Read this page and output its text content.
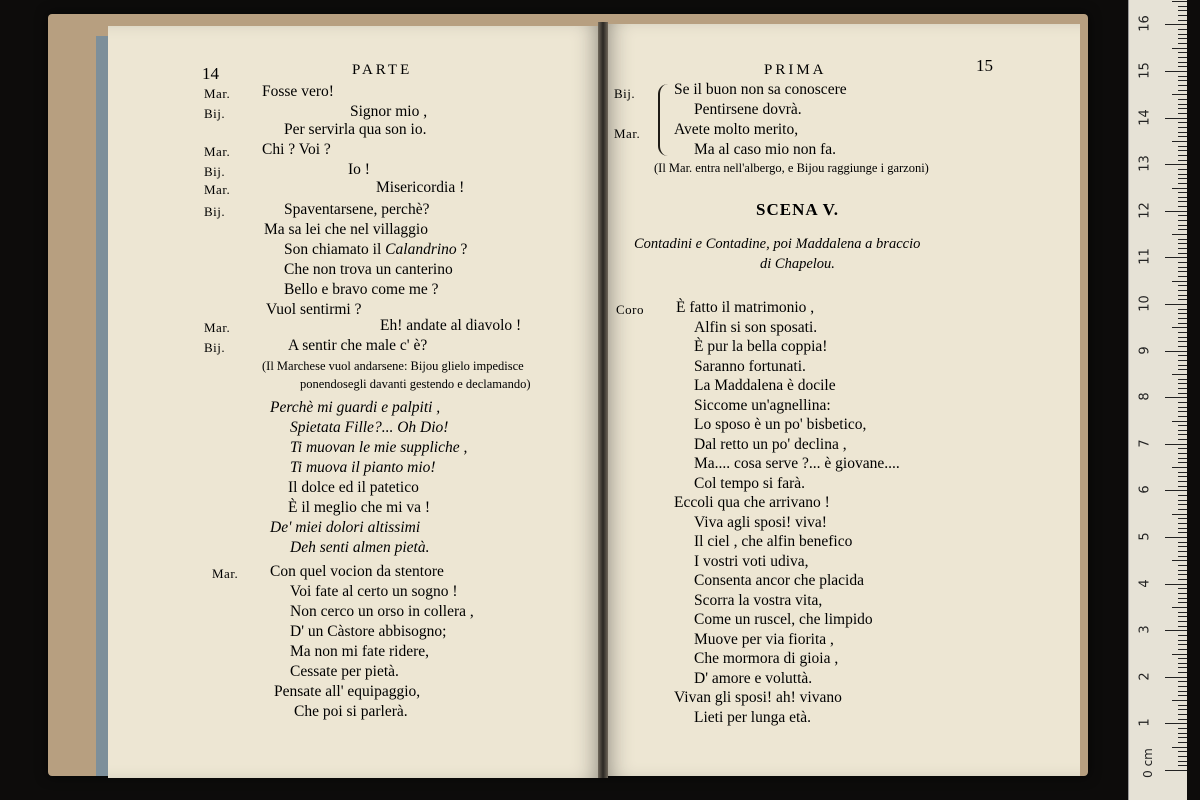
14	PARTE
Mar. Fosse vero!
Bij.	Signor mio ,
Per servirla qua son io.
Mar. Chi ? Voi ?
Bij.	Io !
Mar.	Misericordia !
Bij.	Spaventarsene, perchè?
Ma sa lei che nel villaggio
Son chiamato il Calandrino ?
Che non trova un canterino
Bello e bravo come me ?
Vuol sentirmi ?
Mar.	Eh! andate al diavolo !
Bij.	A sentir che male c' è?
(Il Marchese vuol andarsene: Bijou glielo impedisce
ponendosegli davanti gestendo e declamando)
Perchè mi guardi e palpiti ,
Spietata Fille?... Oh Dio!
Ti muovan le mie suppliche ,
Ti muova il pianto mio!
Il dolce ed il patetico
È il meglio che mi va !
De' miei dolori altissimi
Deh senti almen pietà.
Mar. Con quel vocion da stentore
Voi fate al certo un sogno !
Non cerco un orso in collera ,
D' un Càstore abbisogno;
Ma non mi fate ridere,
Cessate per pietà.
Pensate all' equipaggio,
Che poi si parlerà.
PRIMA	15
Bij.
Mar.
Se il buon non sa conoscere
Pentirsene dovrà.
Avete molto merito,
Ma al caso mio non fa.
(Il Mar. entra nell'albergo, e Bijou raggiunge i garzoni)
SCENA V.
Contadini e Contadine, poi Maddalena a braccio
di Chapelou.
Coro È fatto il matrimonio ,
Alfin si son sposati.
È pur la bella coppia!
Saranno fortunati.
La Maddalena è docile
Siccome un'agnellina:
Lo sposo è un po' bisbetico,
Dal retto un po' declina ,
Ma.... cosa serve ?... è giovane....
Col tempo si farà.
Eccoli qua che arrivano !
Viva agli sposi! viva!
Il ciel , che alfin benefico
I vostri voti udiva,
Consenta ancor che placida
Scorra la vostra vita,
Come un ruscel, che limpido
Muove per via fiorita ,
Che mormora di gioia ,
D' amore e voluttà.
Vivan gli sposi! ah! vivano
Lieti per lunga età.
0 cm
1
2
3
4
5
6
7
8
9
10
11
12
13
14
15
16
